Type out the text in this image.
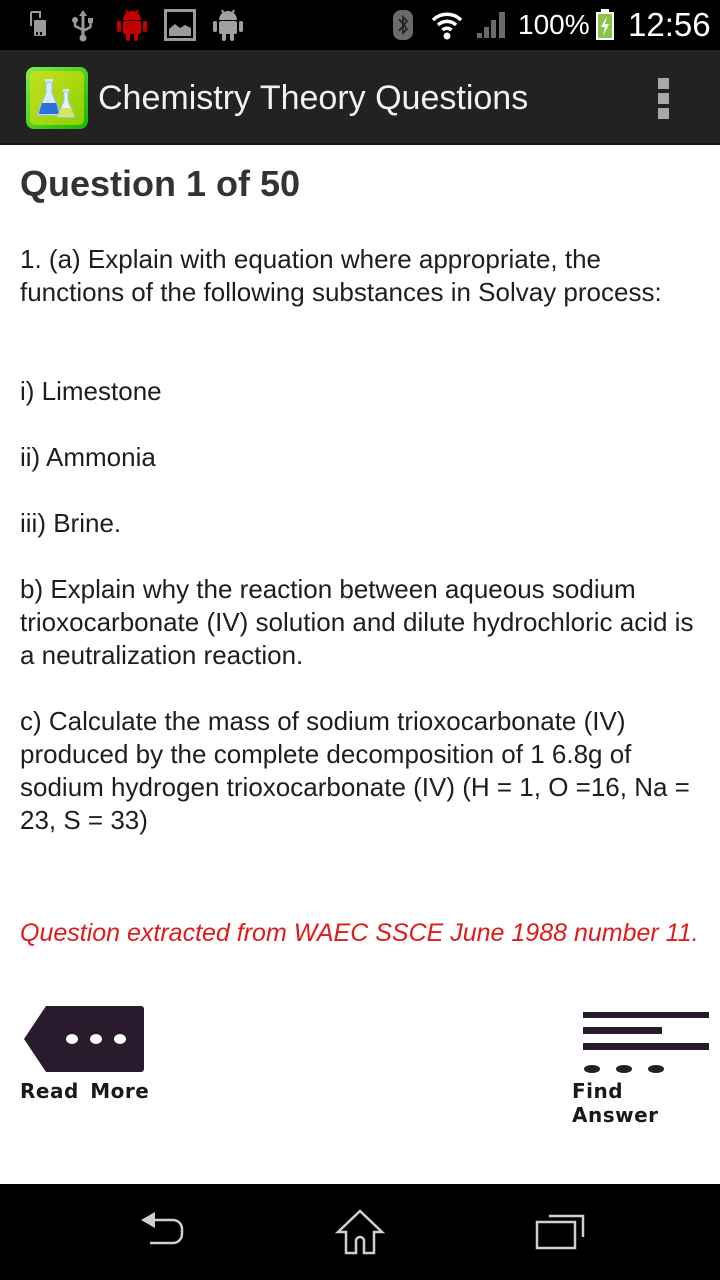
100% 12:56
Chemistry Theory Questions
Question 1 of 50
1. (a) Explain with equation where appropriate, the functions of the following substances in Solvay process:
i) Limestone
ii) Ammonia
iii) Brine.
b) Explain why the reaction between aqueous sodium trioxocarbonate (IV) solution and dilute hydrochloric acid is a neutralization reaction.
c) Calculate the mass of sodium trioxocarbonate (IV) produced by the complete decomposition of 1 6.8g of sodium hydrogen trioxocarbonate (IV) (H = 1, O =16, Na = 23, S = 33)
Question extracted from WAEC SSCE June 1988 number 11.
Read More	Find Answer
